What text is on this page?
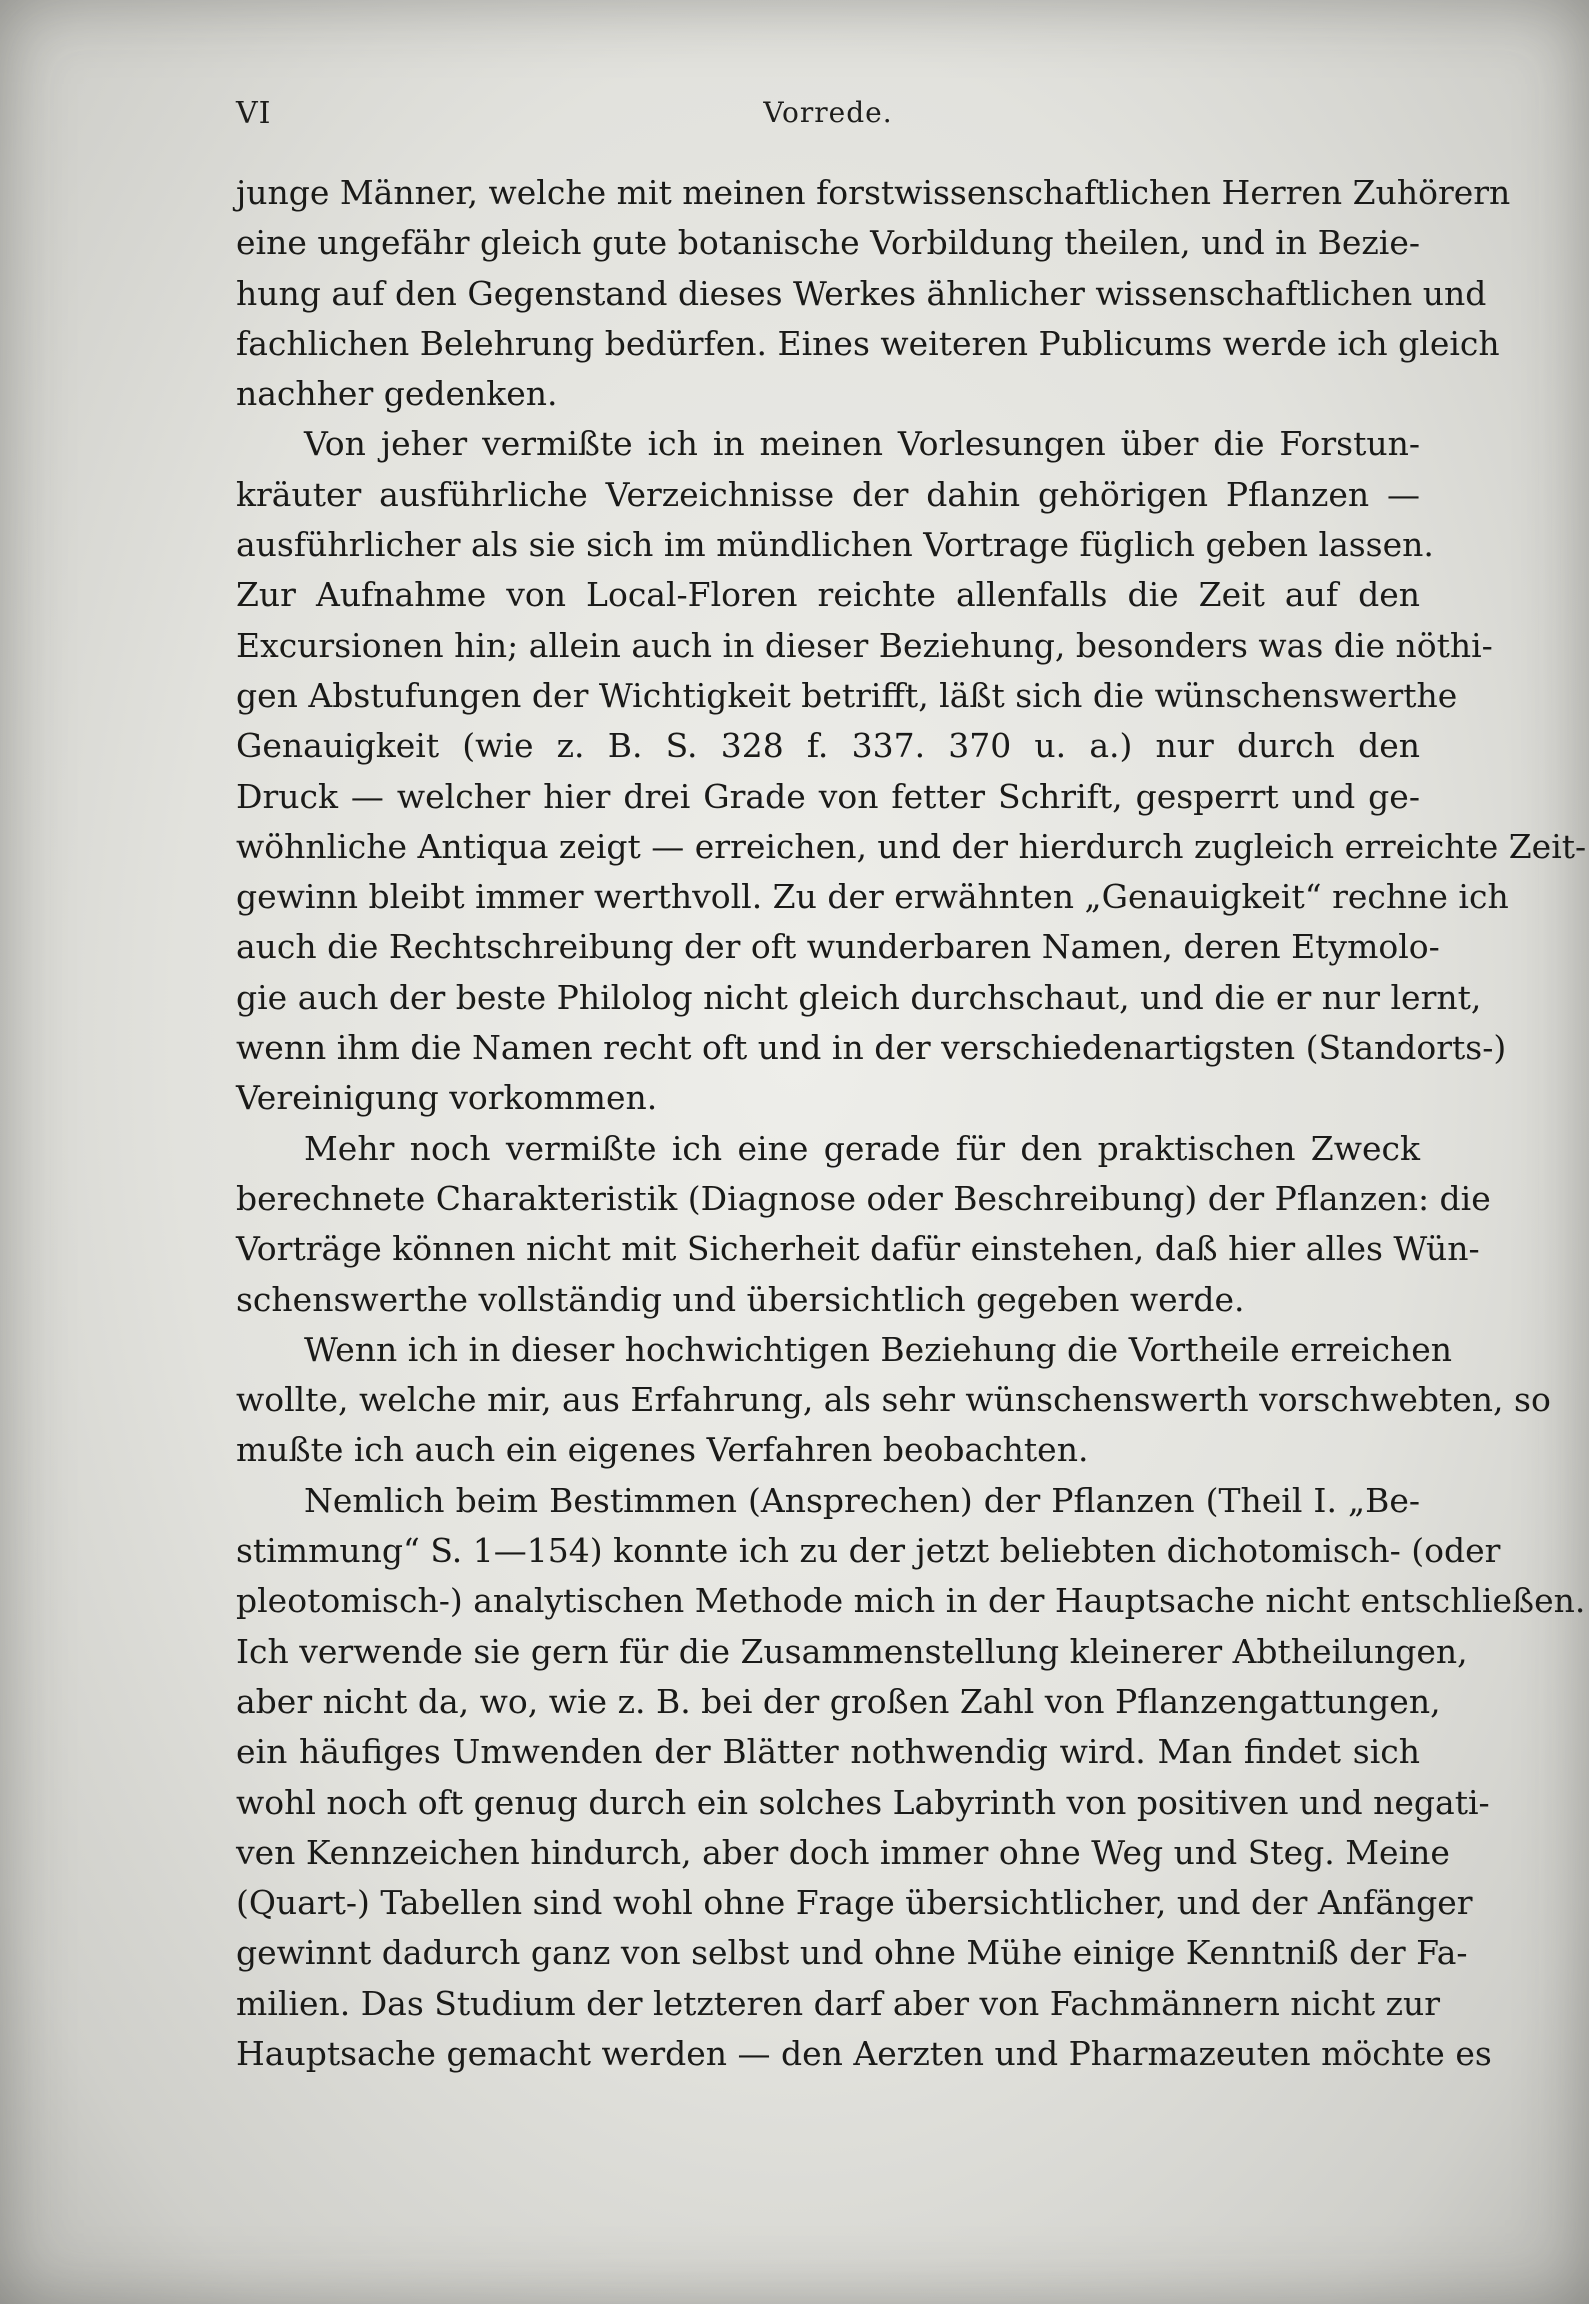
VI	Vorrede.
junge Männer, welche mit meinen forstwissenschaftlichen Herren Zuhörern
eine ungefähr gleich gute botanische Vorbildung theilen, und in Bezie-
hung auf den Gegenstand dieses Werkes ähnlicher wissenschaftlichen und
fachlichen Belehrung bedürfen. Eines weiteren Publicums werde ich gleich
nachher gedenken.
Von jeher vermißte ich in meinen Vorlesungen über die Forstun-
kräuter ausführliche Verzeichnisse der dahin gehörigen Pflanzen —
ausführlicher als sie sich im mündlichen Vortrage füglich geben lassen.
Zur Aufnahme von Local-Floren reichte allenfalls die Zeit auf den
Excursionen hin; allein auch in dieser Beziehung, besonders was die nöthi-
gen Abstufungen der Wichtigkeit betrifft, läßt sich die wünschenswerthe
Genauigkeit (wie z. B. S. 328 f. 337. 370 u. a.) nur durch den
Druck — welcher hier drei Grade von fetter Schrift, gesperrt und ge-
wöhnliche Antiqua zeigt — erreichen, und der hierdurch zugleich erreichte Zeit-
gewinn bleibt immer werthvoll. Zu der erwähnten „Genauigkeit“ rechne ich
auch die Rechtschreibung der oft wunderbaren Namen, deren Etymolo-
gie auch der beste Philolog nicht gleich durchschaut, und die er nur lernt,
wenn ihm die Namen recht oft und in der verschiedenartigsten (Standorts-)
Vereinigung vorkommen.
Mehr noch vermißte ich eine gerade für den praktischen Zweck
berechnete Charakteristik (Diagnose oder Beschreibung) der Pflanzen: die
Vorträge können nicht mit Sicherheit dafür einstehen, daß hier alles Wün-
schenswerthe vollständig und übersichtlich gegeben werde.
Wenn ich in dieser hochwichtigen Beziehung die Vortheile erreichen
wollte, welche mir, aus Erfahrung, als sehr wünschenswerth vorschwebten, so
mußte ich auch ein eigenes Verfahren beobachten.
Nemlich beim Bestimmen (Ansprechen) der Pflanzen (Theil I. „Be-
stimmung“ S. 1—154) konnte ich zu der jetzt beliebten dichotomisch- (oder
pleotomisch-) analytischen Methode mich in der Hauptsache nicht entschließen.
Ich verwende sie gern für die Zusammenstellung kleinerer Abtheilungen,
aber nicht da, wo, wie z. B. bei der großen Zahl von Pflanzengattungen,
ein häufiges Umwenden der Blätter nothwendig wird. Man findet sich
wohl noch oft genug durch ein solches Labyrinth von positiven und negati-
ven Kennzeichen hindurch, aber doch immer ohne Weg und Steg. Meine
(Quart-) Tabellen sind wohl ohne Frage übersichtlicher, und der Anfänger
gewinnt dadurch ganz von selbst und ohne Mühe einige Kenntniß der Fa-
milien. Das Studium der letzteren darf aber von Fachmännern nicht zur
Hauptsache gemacht werden — den Aerzten und Pharmazeuten möchte es
